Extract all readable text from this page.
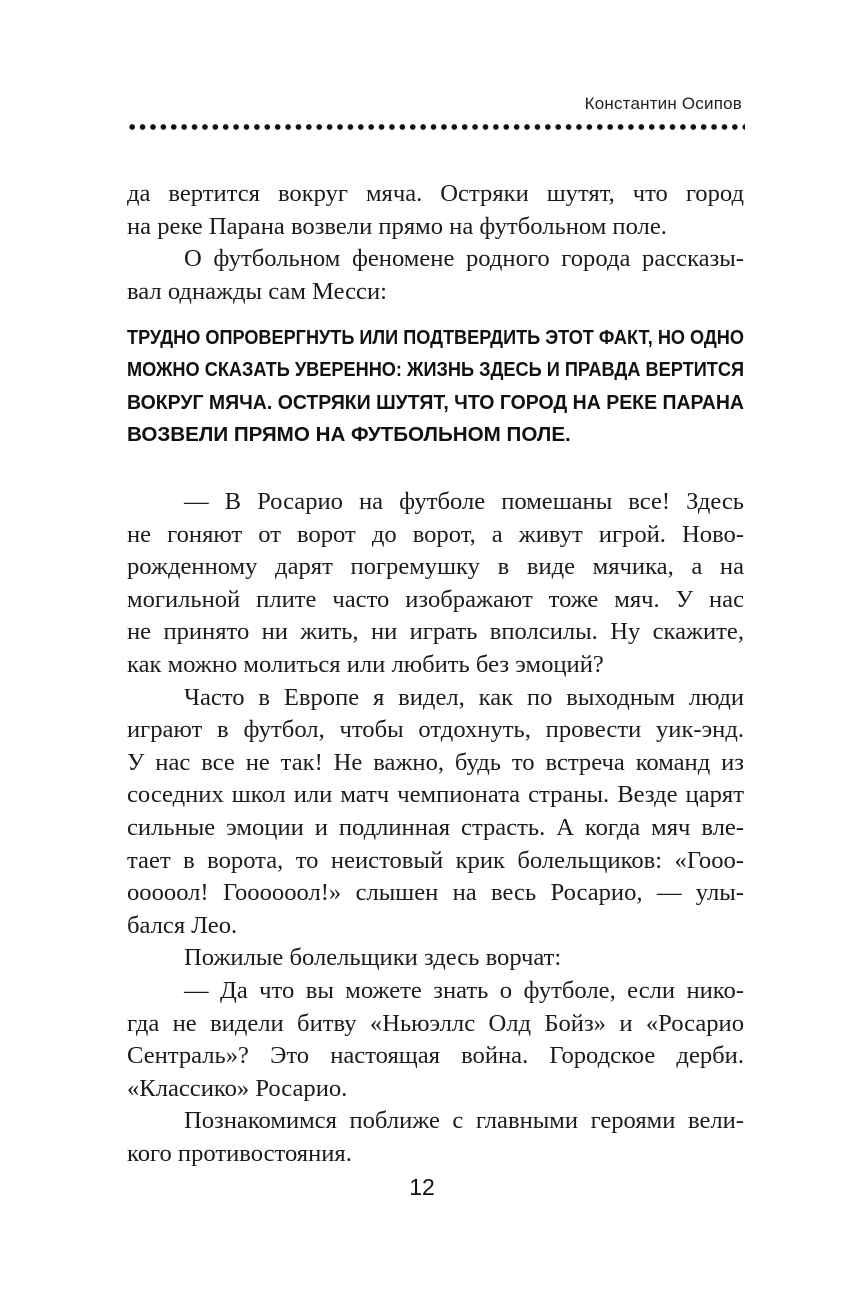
Константин Осипов
да вертится вокруг мяча. Остряки шутят, что город
на реке Парана возвели прямо на футбольном поле.
О футбольном феномене родного города рассказы-
вал однажды сам Месси:
ТРУДНО ОПРОВЕРГНУТЬ ИЛИ ПОДТВЕРДИТЬ ЭТОТ ФАКТ, НО ОДНО
МОЖНО СКАЗАТЬ УВЕРЕННО: ЖИЗНЬ ЗДЕСЬ И ПРАВДА ВЕРТИТСЯ
ВОКРУГ МЯЧА. ОСТРЯКИ ШУТЯТ, ЧТО ГОРОД НА РЕКЕ ПАРАНА
ВОЗВЕЛИ ПРЯМО НА ФУТБОЛЬНОМ ПОЛЕ.
— В Росарио на футболе помешаны все! Здесь
не гоняют от ворот до ворот, а живут игрой. Ново-
рожденному дарят погремушку в виде мячика, а на
могильной плите часто изображают тоже мяч. У нас
не принято ни жить, ни играть вполсилы. Ну скажите,
как можно молиться или любить без эмоций?
Часто в Европе я видел, как по выходным люди
играют в футбол, чтобы отдохнуть, провести уик-энд.
У нас все не так! Не важно, будь то встреча команд из
соседних школ или матч чемпионата страны. Везде царят
сильные эмоции и подлинная страсть. А когда мяч вле-
тает в ворота, то неистовый крик болельщиков: «Гооо-
ооооол! Гоооооол!» слышен на весь Росарио, — улы-
бался Лео.
Пожилые болельщики здесь ворчат:
— Да что вы можете знать о футболе, если нико-
гда не видели битву «Ньюэллс Олд Бойз» и «Росарио
Сентраль»? Это настоящая война. Городское дерби.
«Классико» Росарио.
Познакомимся поближе с главными героями вели-
кого противостояния.
12
